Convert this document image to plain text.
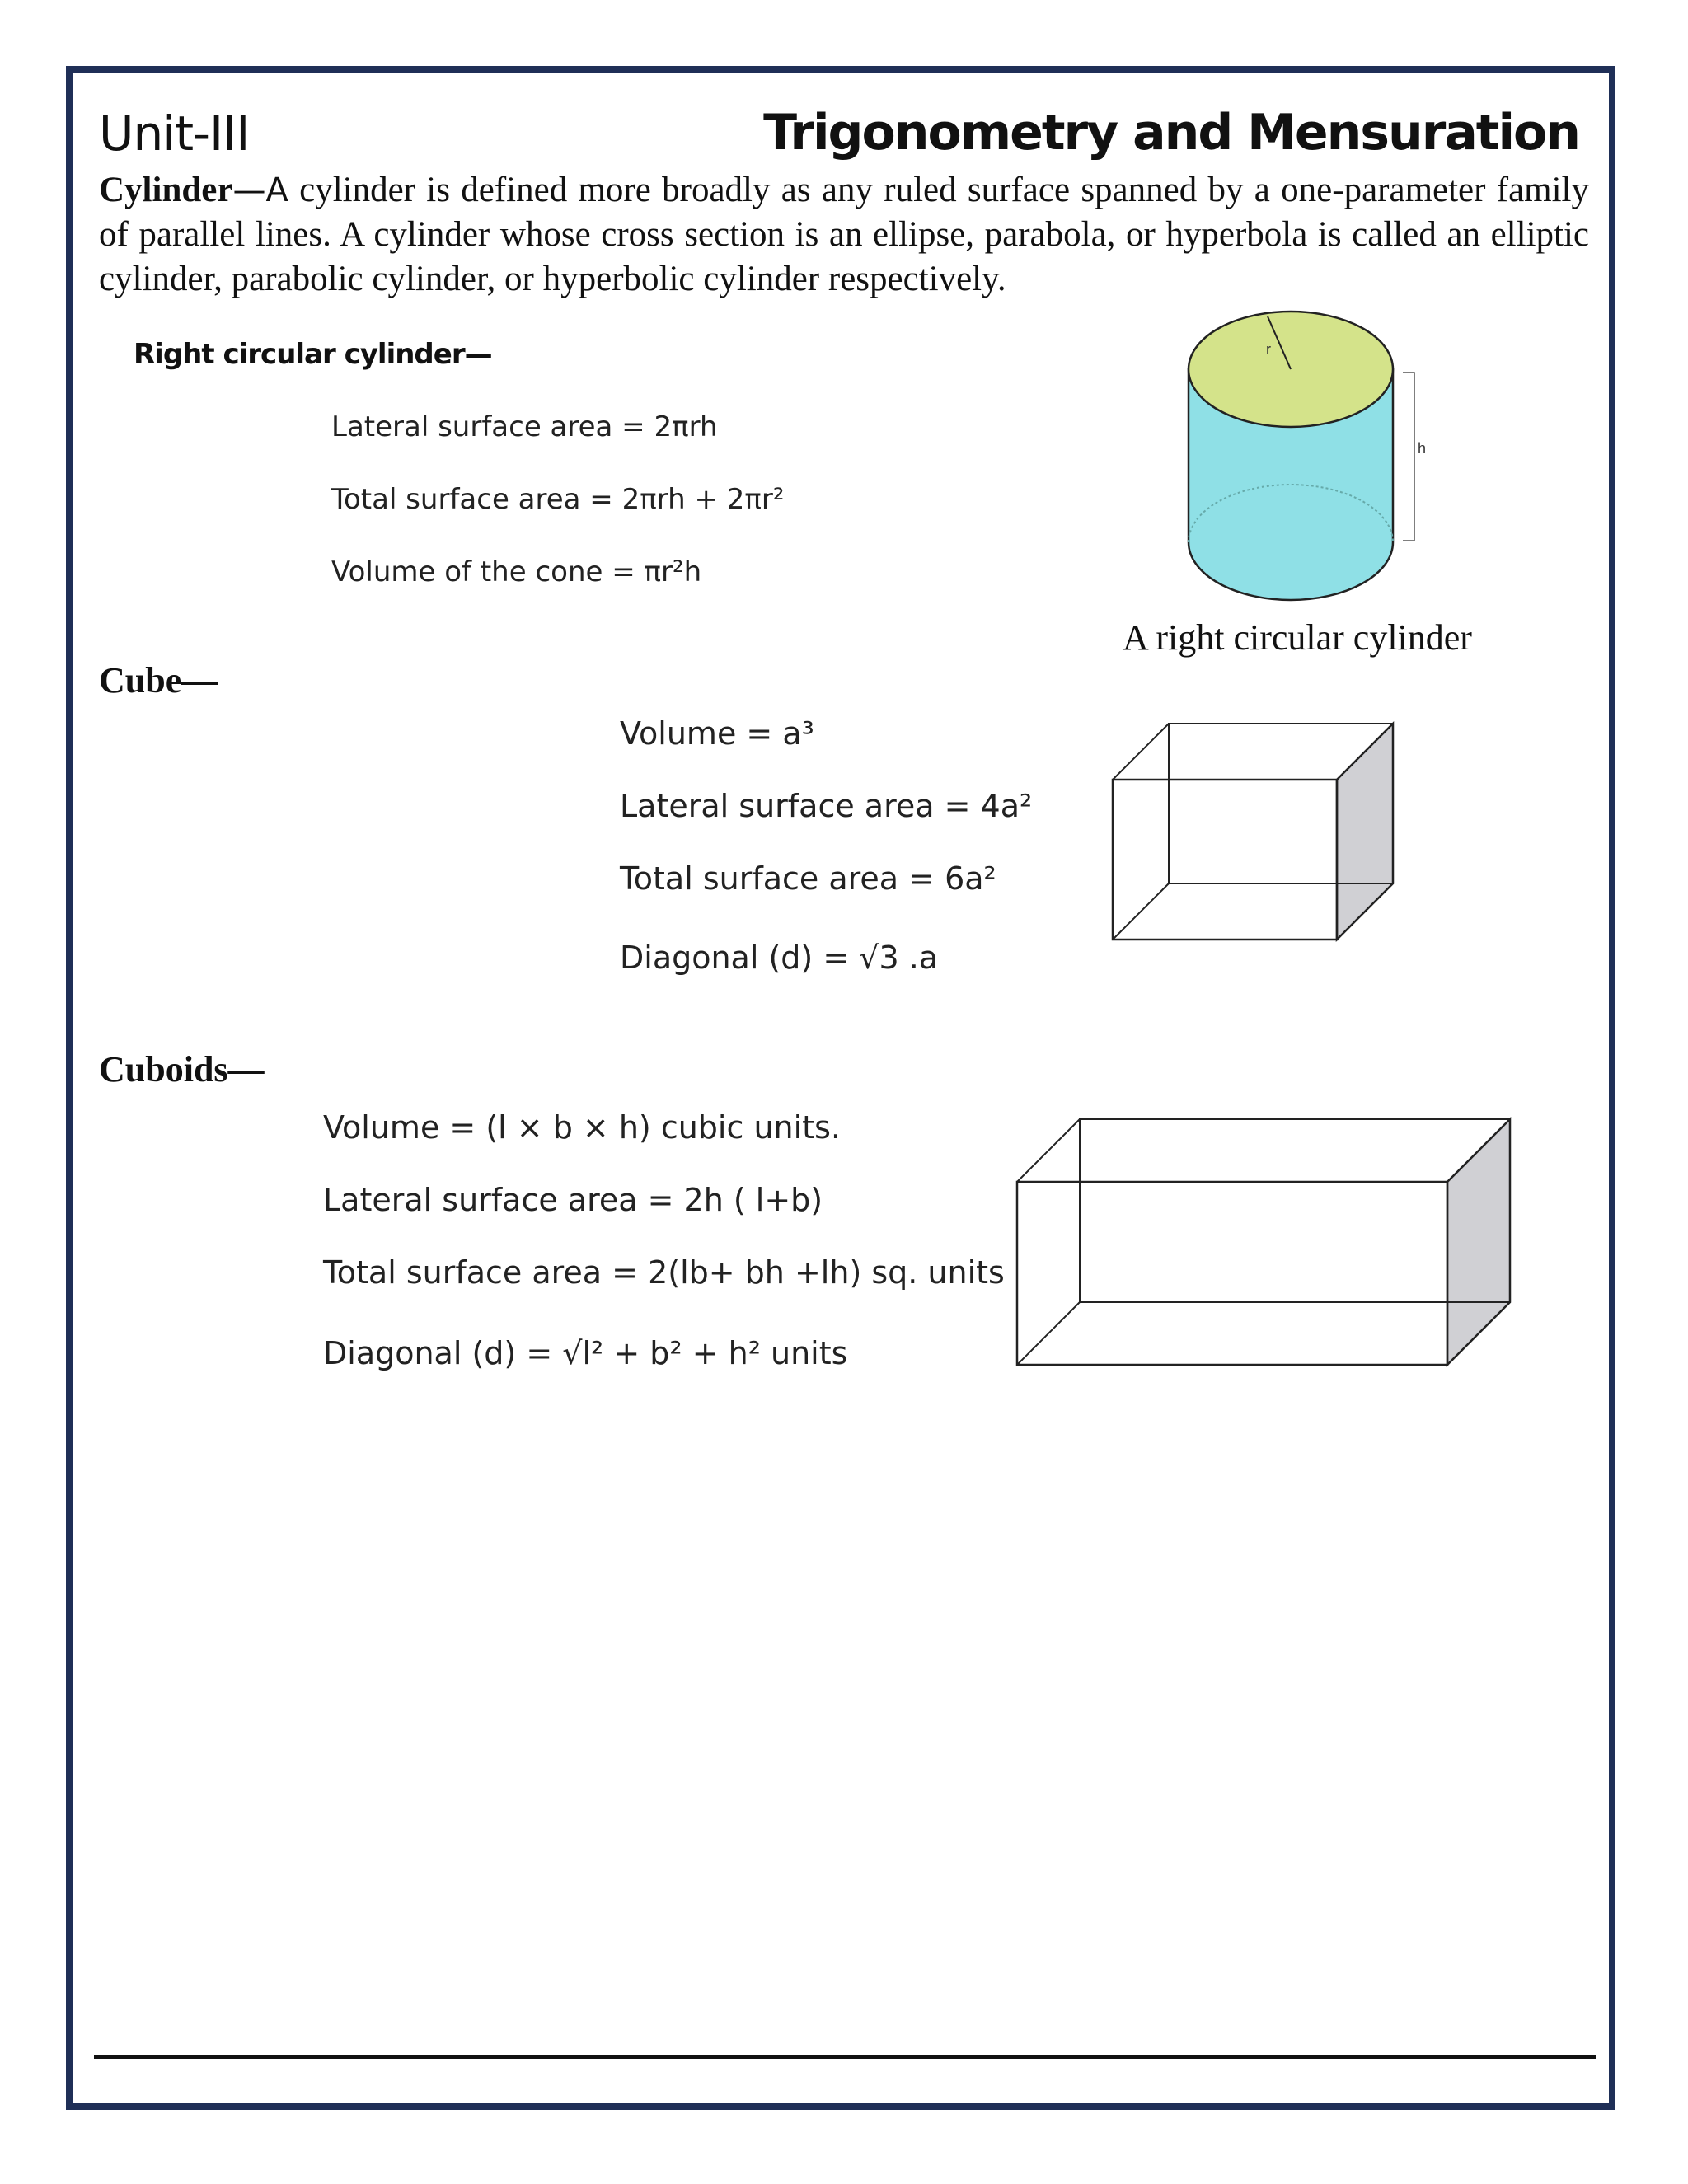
Unit-III	Trigonometry and Mensuration
Cylinder—A cylinder is defined more broadly as any ruled surface spanned by a one-parameter family of parallel lines. A cylinder whose cross section is an ellipse, parabola, or hyperbola is called an elliptic cylinder, parabolic cylinder, or hyperbolic cylinder respectively.
Right circular cylinder—
Lateral surface area = 2πrh
Total surface area = 2πrh + 2πr²
Volume of the cone = πr²h
r
h
A right circular cylinder
Cube—
Volume = a³
Lateral surface area = 4a²
Total surface area = 6a²
Diagonal (d) = √3 .a
Cuboids—
Volume = (l × b × h) cubic units.
Lateral surface area = 2h ( l+b)
Total surface area = 2(lb+ bh +lh) sq. units
Diagonal (d) = √l² + b² + h² units
